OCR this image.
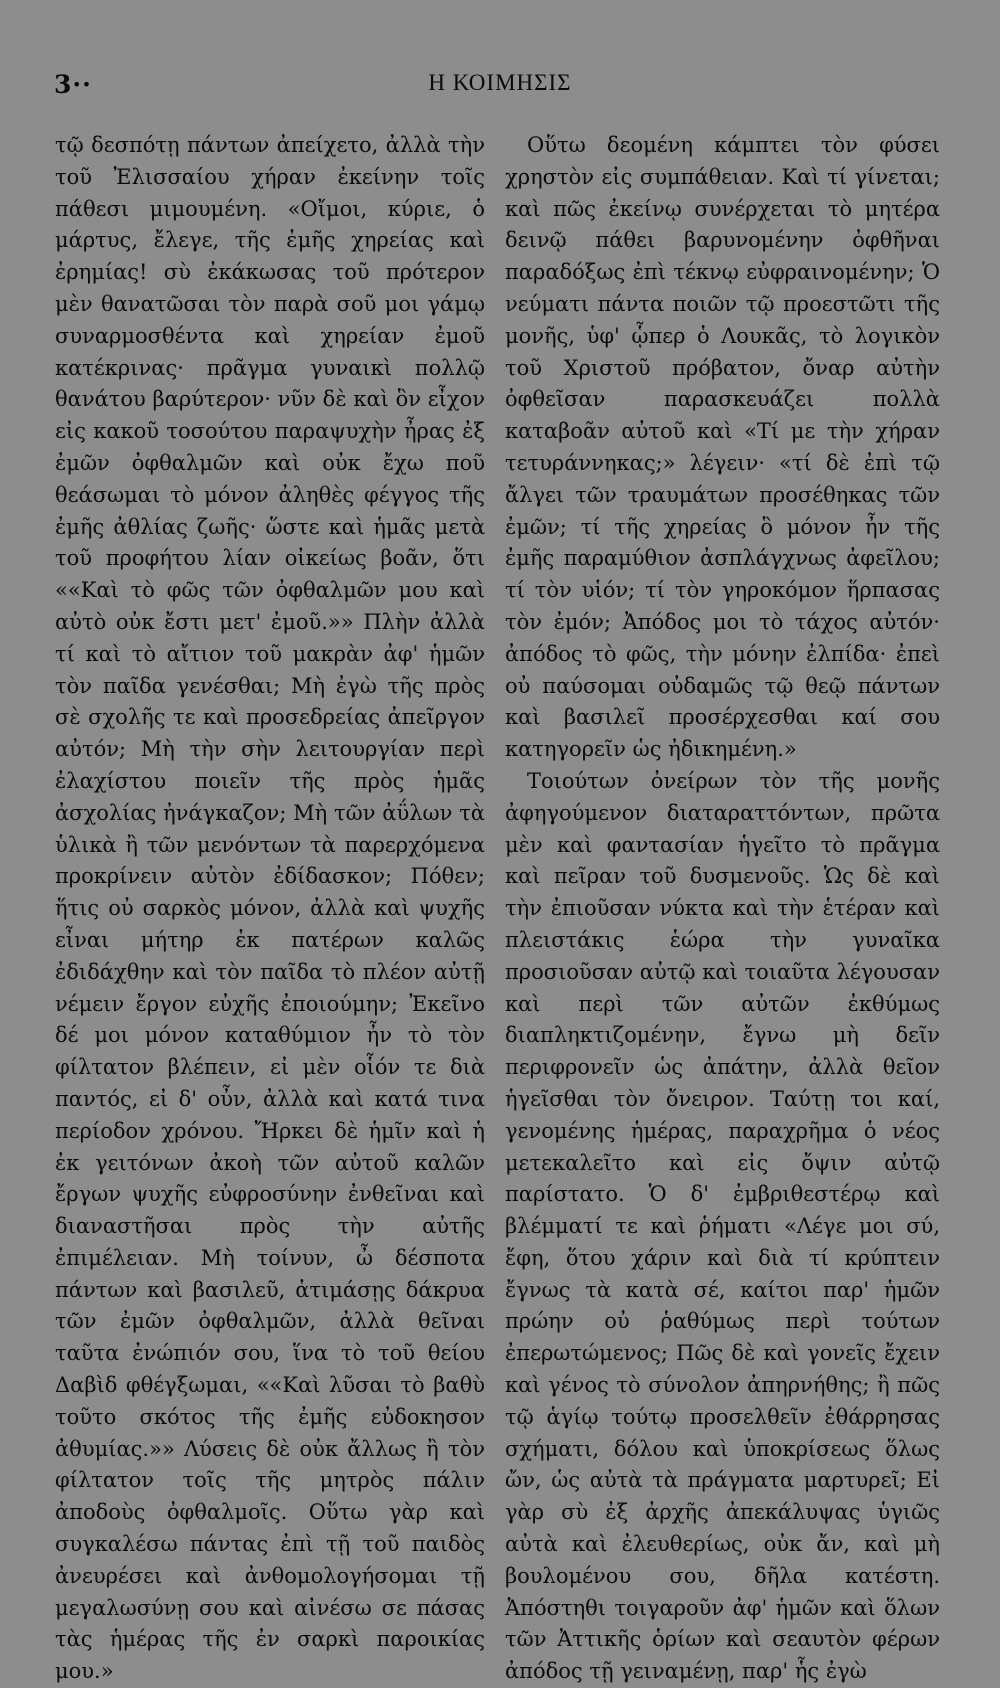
3··	Η ΚΟΙΜΗΣΙΣ

τῷ δεσπότῃ πάντων ἀπείχετο, ἀλλὰ τὴν τοῦ Ἐλισσαίου χήραν ἐκείνην τοῖς πάθεσι μιμουμένη. «Οἴμοι, κύριε, ὁ μάρτυς, ἔλεγε, τῆς ἐμῆς χηρείας καὶ ἐρημίας! σὺ ἐκάκωσας τοῦ πρότερον μὲν θανατῶσαι τὸν παρὰ σοῦ μοι γάμῳ συναρμοσθέντα καὶ χηρείαν ἐμοῦ κατέκρινας· πρᾶγμα γυναικὶ πολλῷ θανάτου βαρύτερον· νῦν δὲ καὶ ὃν εἶχον εἰς κακοῦ τοσούτου παραψυχὴν ἦρας ἐξ ἐμῶν ὀφθαλμῶν καὶ οὐκ ἔχω ποῦ θεάσωμαι τὸ μόνον ἀληθὲς φέγγος τῆς ἐμῆς ἀθλίας ζωῆς· ὥστε καὶ ἡμᾶς μετὰ τοῦ προφήτου λίαν οἰκείως βοᾶν, ὅτι ««Καὶ τὸ φῶς τῶν ὀφθαλμῶν μου καὶ αὐτὸ οὐκ ἔστι μετ' ἐμοῦ.»» Πλὴν ἀλλὰ τί καὶ τὸ αἴτιον τοῦ μακρὰν ἀφ' ἡμῶν τὸν παῖδα γενέσθαι; Μὴ ἐγὼ τῆς πρὸς σὲ σχολῆς τε καὶ προσεδρείας ἀπεῖργον αὐτόν; Μὴ τὴν σὴν λειτουργίαν περὶ ἐλαχίστου ποιεῖν τῆς πρὸς ἡμᾶς ἀσχολίας ἠνάγκαζον; Μὴ τῶν ἀΰλων τὰ ὑλικὰ ἢ τῶν μενόντων τὰ παρερχόμενα προκρίνειν αὐτὸν ἐδίδασκον; Πόθεν; ἥτις οὐ σαρκὸς μόνον, ἀλλὰ καὶ ψυχῆς εἶναι μήτηρ ἐκ πατέρων καλῶς ἐδιδάχθην καὶ τὸν παῖδα τὸ πλέον αὐτῇ νέμειν ἔργον εὐχῆς ἐποιούμην; Ἐκεῖνο δέ μοι μόνον καταθύμιον ἦν τὸ τὸν φίλτατον βλέπειν, εἰ μὲν οἷόν τε διὰ παντός, εἰ δ' οὖν, ἀλλὰ καὶ κατά τινα περίοδον χρόνου. Ἤρκει δὲ ἡμῖν καὶ ἡ ἐκ γειτόνων ἀκοὴ τῶν αὐτοῦ καλῶν ἔργων ψυχῆς εὐφροσύνην ἐνθεῖναι καὶ διαναστῆσαι πρὸς τὴν αὐτῆς ἐπιμέλειαν. Μὴ τοίνυν, ὦ δέσποτα πάντων καὶ βασιλεῦ, ἀτιμάσῃς δάκρυα τῶν ἐμῶν ὀφθαλμῶν, ἀλλὰ θεῖναι ταῦτα ἐνώπιόν σου, ἵνα τὸ τοῦ θείου Δαβὶδ φθέγξωμαι, ««Καὶ λῦσαι τὸ βαθὺ τοῦτο σκότος τῆς ἐμῆς εὐδοκησον ἀθυμίας.»» Λύσεις δὲ οὐκ ἄλλως ἢ τὸν φίλτατον τοῖς τῆς μητρὸς πάλιν ἀποδοὺς ὀφθαλμοῖς. Οὕτω γὰρ καὶ συγκαλέσω πάντας ἐπὶ τῇ τοῦ παιδὸς ἀνευρέσει καὶ ἀνθομολογήσομαι τῇ μεγαλωσύνῃ σου καὶ αἰνέσω σε πάσας τὰς ἡμέρας τῆς ἐν σαρκὶ παροικίας μου.»

Οὕτω δεομένη κάμπτει τὸν φύσει χρηστὸν εἰς συμπάθειαν. Καὶ τί γίνεται; καὶ πῶς ἐκείνῳ συνέρχεται τὸ μητέρα δεινῷ πάθει βαρυνομένην ὀφθῆναι παραδόξως ἐπὶ τέκνῳ εὐφραινομένην; Ὁ νεύματι πάντα ποιῶν τῷ προεστῶτι τῆς μονῆς, ὑφ' ᾧπερ ὁ Λουκᾶς, τὸ λογικὸν τοῦ Χριστοῦ πρόβατον, ὄναρ αὐτὴν ὀφθεῖσαν παρασκευάζει πολλὰ καταβοᾶν αὐτοῦ καὶ «Τί με τὴν χήραν τετυράννηκας;» λέγειν· «τί δὲ ἐπὶ τῷ ἄλγει τῶν τραυμάτων προσέθηκας τῶν ἐμῶν; τί τῆς χηρείας ὃ μόνον ἦν τῆς ἐμῆς παραμύθιον ἀσπλάγχνως ἀφεῖλου; τί τὸν υἱόν; τί τὸν γηροκόμον ἥρπασας τὸν ἐμόν; Ἀπόδος μοι τὸ τάχος αὐτόν· ἀπόδος τὸ φῶς, τὴν μόνην ἐλπίδα· ἐπεὶ οὐ παύσομαι οὐδαμῶς τῷ θεῷ πάντων καὶ βασιλεῖ προσέρχεσθαι καί σου κατηγορεῖν ὡς ἠδικημένη.»

Τοιούτων ὀνείρων τὸν τῆς μονῆς ἀφηγούμενον διαταραττόντων, πρῶτα μὲν καὶ φαντασίαν ἡγεῖτο τὸ πρᾶγμα καὶ πεῖραν τοῦ δυσμενοῦς. Ὡς δὲ καὶ τὴν ἐπιοῦσαν νύκτα καὶ τὴν ἑτέραν καὶ πλειστάκις ἑώρα τὴν γυναῖκα προσιοῦσαν αὐτῷ καὶ τοιαῦτα λέγουσαν καὶ περὶ τῶν αὐτῶν ἐκθύμως διαπληκτιζομένην, ἔγνω μὴ δεῖν περιφρονεῖν ὡς ἀπάτην, ἀλλὰ θεῖον ἡγεῖσθαι τὸν ὄνειρον. Ταύτῃ τοι καί, γενομένης ἡμέρας, παραχρῆμα ὁ νέος μετεκαλεῖτο καὶ εἰς ὄψιν αὐτῷ παρίστατο. Ὁ δ' ἐμβριθεστέρῳ καὶ βλέμματί τε καὶ ῥήματι «Λέγε μοι σύ, ἔφη, ὅτου χάριν καὶ διὰ τί κρύπτειν ἔγνως τὰ κατὰ σέ, καίτοι παρ' ἡμῶν πρώην οὐ ῥαθύμως περὶ τούτων ἐπερωτώμενος; Πῶς δὲ καὶ γονεῖς ἔχειν καὶ γένος τὸ σύνολον ἀπηρνήθης; ἢ πῶς τῷ ἁγίῳ τούτῳ προσελθεῖν ἐθάρρησας σχήματι, δόλου καὶ ὑποκρίσεως ὅλως ὤν, ὡς αὐτὰ τὰ πράγματα μαρτυρεῖ; Εἰ γὰρ σὺ ἐξ ἀρχῆς ἀπεκάλυψας ὑγιῶς αὐτὰ καὶ ἐλευθερίως, οὐκ ἄν, καὶ μὴ βουλομένου σου, δῆλα κατέστη. Ἀπόστηθι τοιγαροῦν ἀφ' ἡμῶν καὶ ὅλων τῶν Ἀττικῆς ὁρίων καὶ σεαυτὸν φέρων ἀπόδος τῇ γειναμένῃ, παρ' ἧς ἐγὼ
